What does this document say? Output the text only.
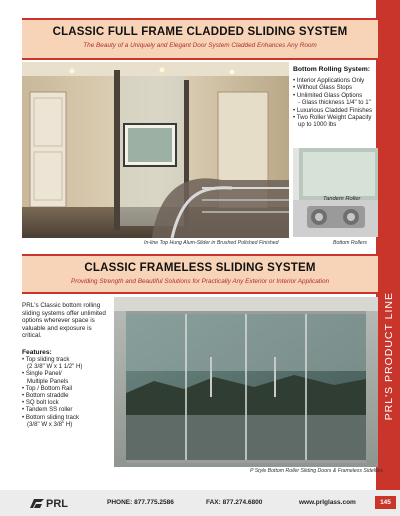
PRL'S PRODUCT LINE
CLASSIC FULL FRAME CLADDED SLIDING SYSTEM
The Beauty of a Uniquely and Elegant Door System Cladded Enhances Any Room
Bottom Rolling System:
• Interior Applications Only
• Without Glass Stops
• Unlimited Glass Options
- Glass thickness 1/4" to 1"
• Luxurious Cladded Finishes
• Two Roller Weight Capacity
up to 1000 lbs
Tandem Roller
In-line Top Hung Alum-Slider in Brushed Polished Finished	Bottom Rollers
CLASSIC FRAMELESS SLIDING SYSTEM
Providing Strength and Beautiful Solutions for Practically Any Exterior or Interior Application
PRL's Classic bottom rolling sliding systems offer unlimited options wherever space is valuable and exposure is critical.
Features:
• Top sliding track
(2 3/8" W x 1 1/2" H)
• Single Panel/
Multiple Panels
• Top / Bottom Rail
• Bottom straddle
• SQ bolt lock
• Tandem SS roller
• Bottom sliding track
(3/8" W x 3/8" H)
P Style Bottom Roller Sliding Doors & Frameless Sidelites
PRL	PHONE: 877.775.2586	FAX: 877.274.6800	www.prlglass.com	145
